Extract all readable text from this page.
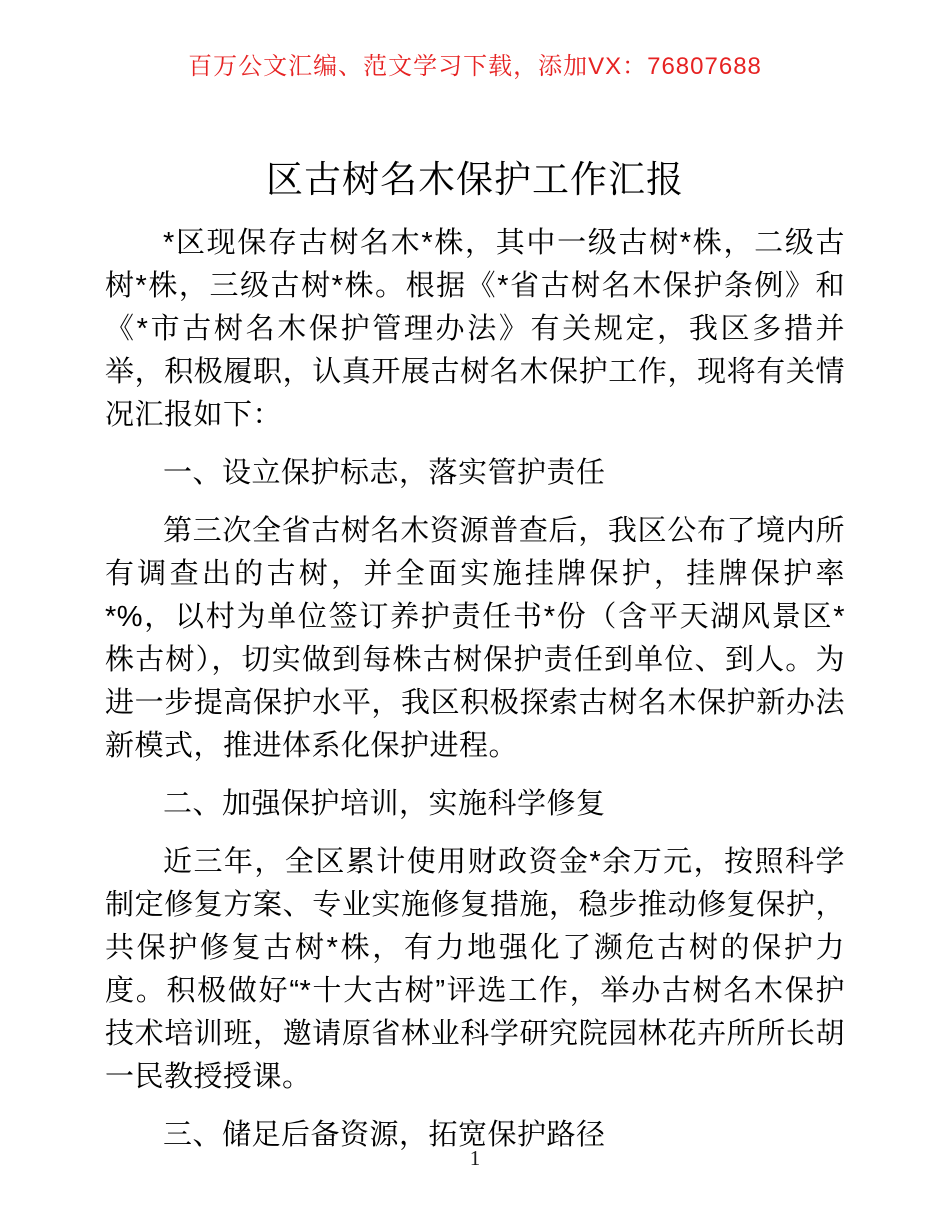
百万公文汇编、范文学习下载，添加VX：76807688
区古树名木保护工作汇报

*区现保存古树名木*株，其中一级古树*株，二级古树*株，三级古树*株。根据《*省古树名木保护条例》和《*市古树名木保护管理办法》有关规定，我区多措并举，积极履职，认真开展古树名木保护工作，现将有关情况汇报如下：

一、设立保护标志，落实管护责任

第三次全省古树名木资源普查后，我区公布了境内所有调查出的古树，并全面实施挂牌保护，挂牌保护率*%，以村为单位签订养护责任书*份（含平天湖风景区*株古树），切实做到每株古树保护责任到单位、到人。为进一步提高保护水平，我区积极探索古树名木保护新办法新模式，推进体系化保护进程。

二、加强保护培训，实施科学修复

近三年，全区累计使用财政资金*余万元，按照科学制定修复方案、专业实施修复措施，稳步推动修复保护，共保护修复古树*株，有力地强化了濒危古树的保护力度。积极做好“*十大古树”评选工作，举办古树名木保护技术培训班，邀请原省林业科学研究院园林花卉所所长胡一民教授授课。

三、储足后备资源，拓宽保护路径

1
